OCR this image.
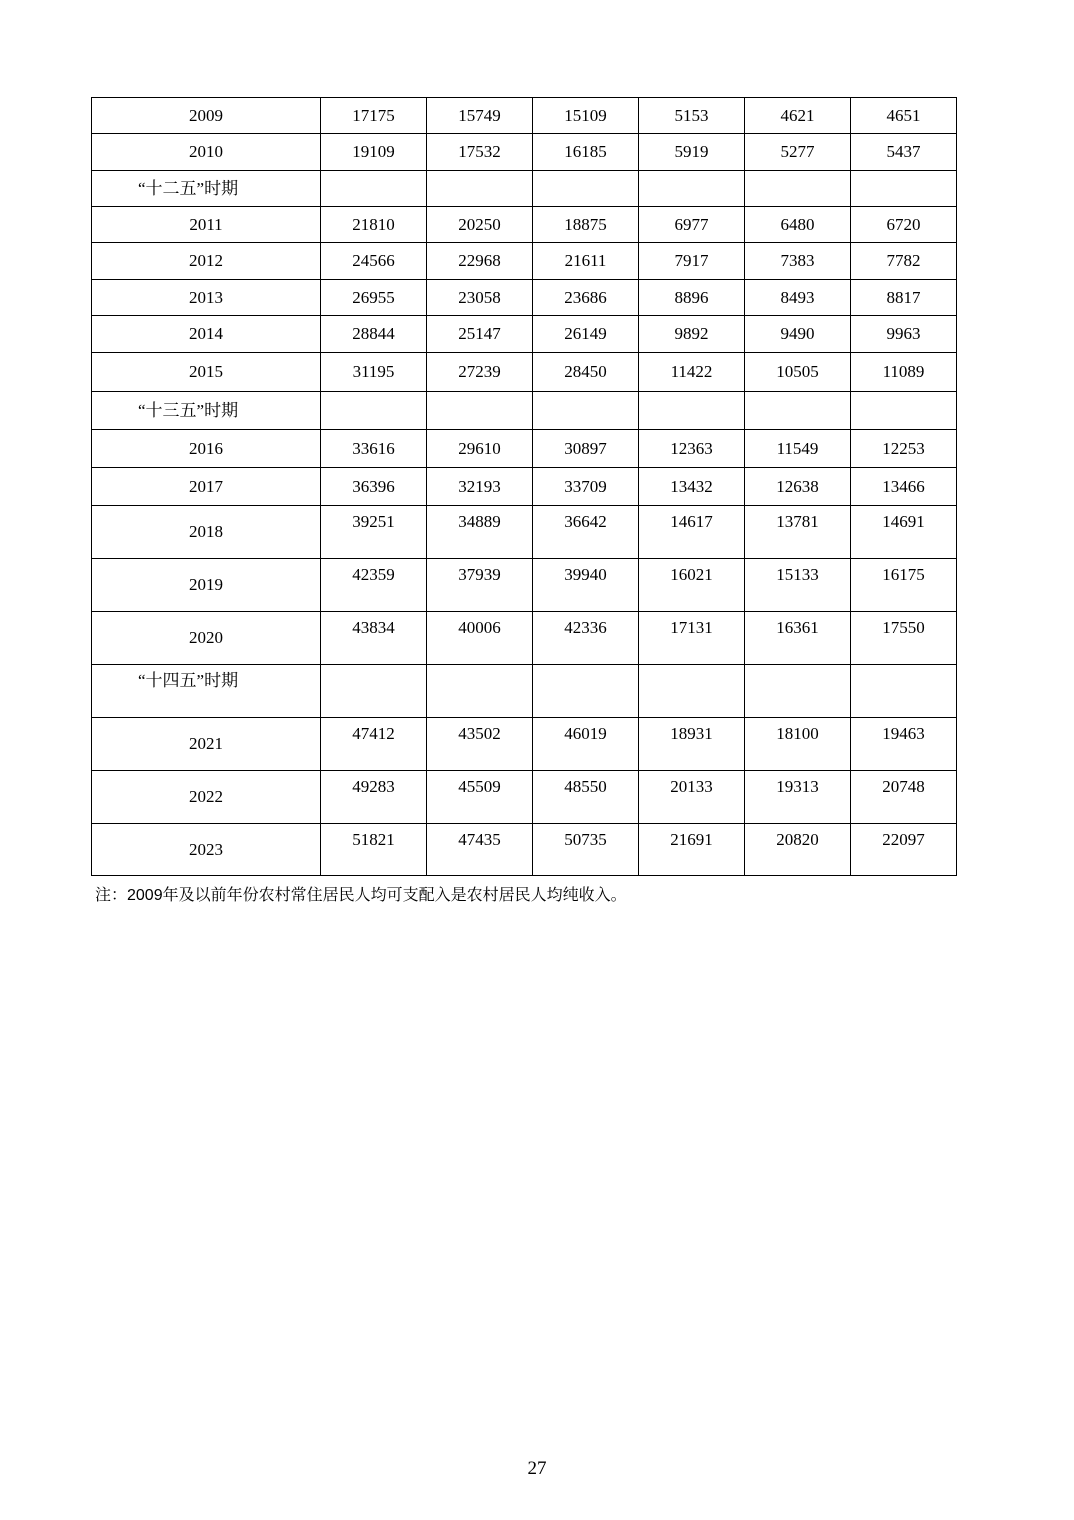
2009	17175	15749	15109	5153	4621	4651
2010	19109	17532	16185	5919	5277	5437
“十二五”时期						
2011	21810	20250	18875	6977	6480	6720
2012	24566	22968	21611	7917	7383	7782
2013	26955	23058	23686	8896	8493	8817
2014	28844	25147	26149	9892	9490	9963
2015	31195	27239	28450	11422	10505	11089
“十三五”时期						
2016	33616	29610	30897	12363	11549	12253
2017	36396	32193	33709	13432	12638	13466
2018	39251	34889	36642	14617	13781	14691
2019	42359	37939	39940	16021	15133	16175
2020	43834	40006	42336	17131	16361	17550
“十四五”时期						
2021	47412	43502	46019	18931	18100	19463
2022	49283	45509	48550	20133	19313	20748
2023	51821	47435	50735	21691	20820	22097
注：2009年及以前年份农村常住居民人均可支配入是农村居民人均纯收入。
27
